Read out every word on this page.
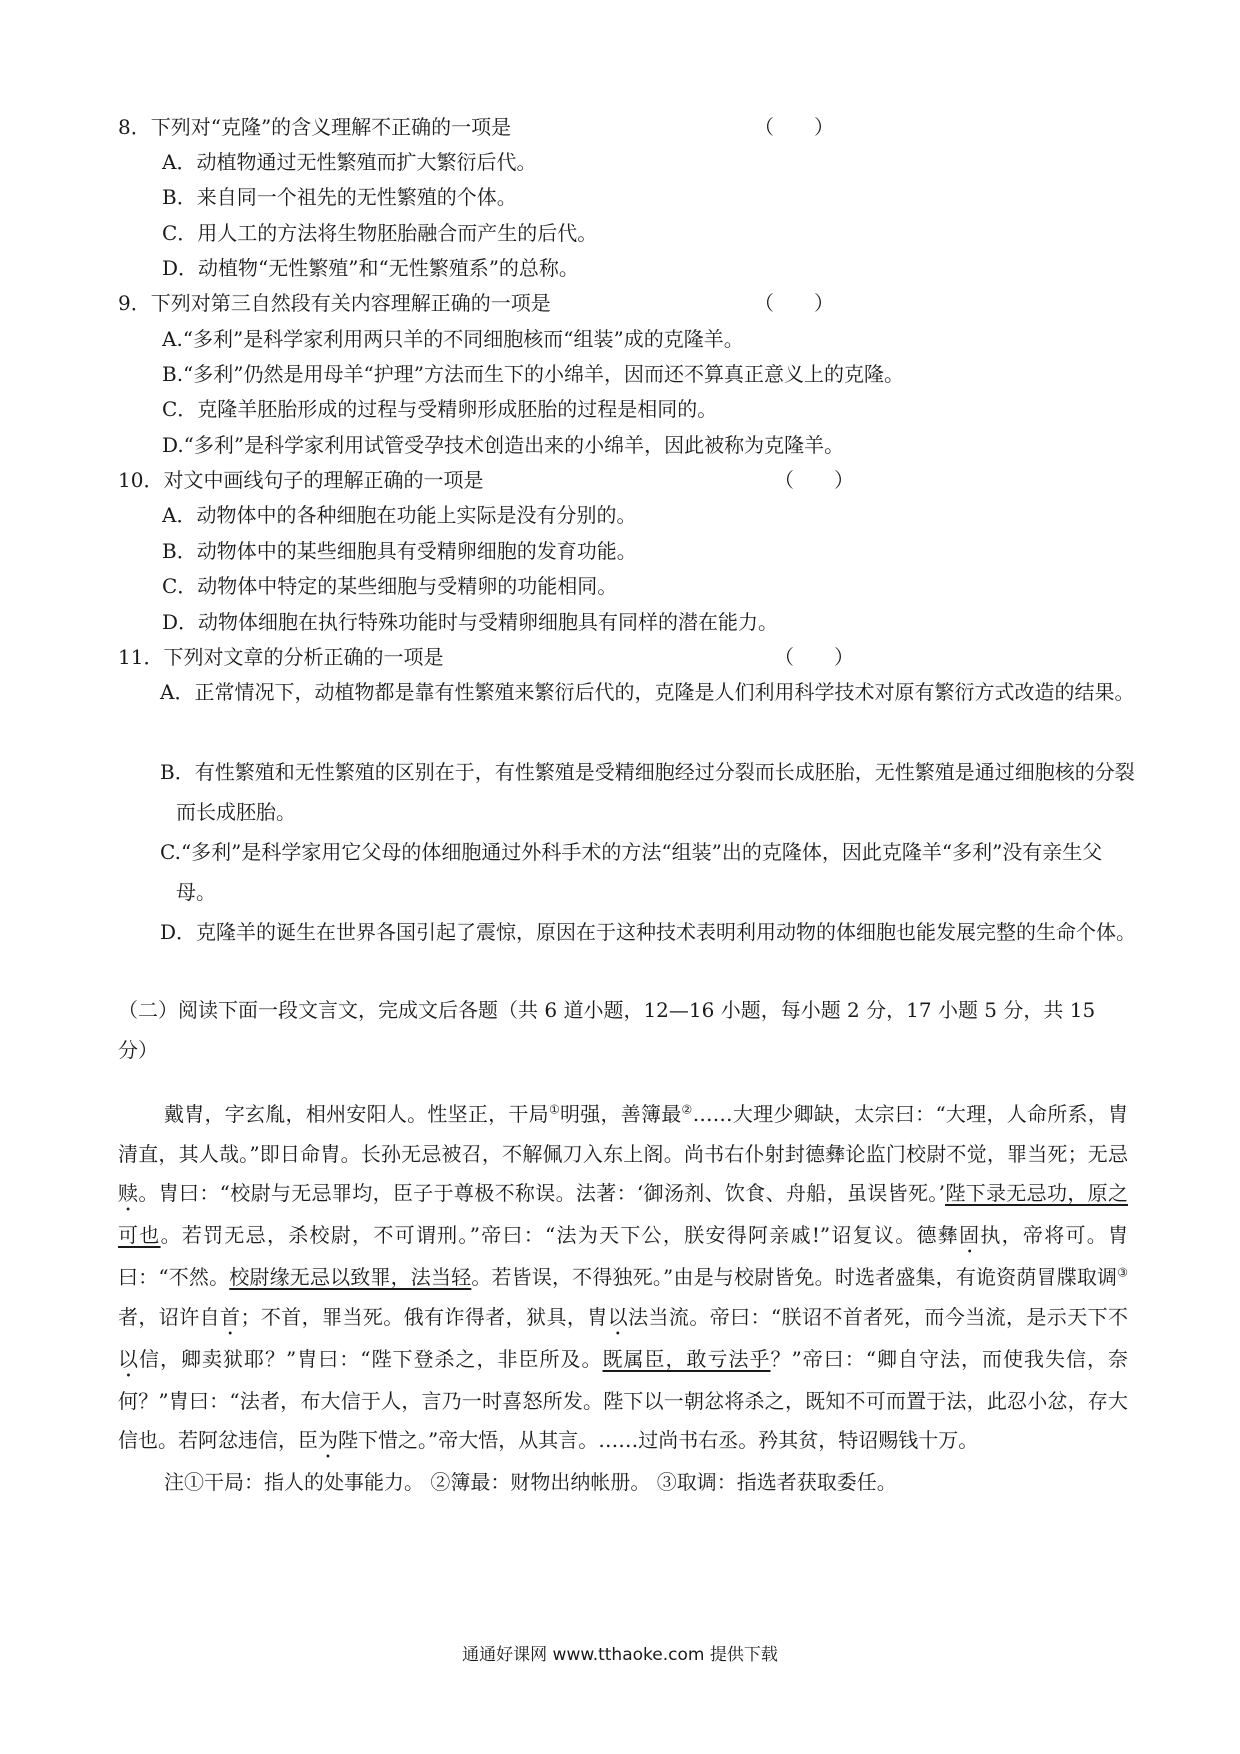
8．下列对“克隆”的含义理解不正确的一项是	（　　）
A．动植物通过无性繁殖而扩大繁衍后代。
B．来自同一个祖先的无性繁殖的个体。
C．用人工的方法将生物胚胎融合而产生的后代。
D．动植物“无性繁殖”和“无性繁殖系”的总称。
9．下列对第三自然段有关内容理解正确的一项是	（　　）
A.“多利”是科学家利用两只羊的不同细胞核而“组装”成的克隆羊。
B.“多利”仍然是用母羊“护理”方法而生下的小绵羊，因而还不算真正意义上的克隆。
C．克隆羊胚胎形成的过程与受精卵形成胚胎的过程是相同的。
D.“多利”是科学家利用试管受孕技术创造出来的小绵羊，因此被称为克隆羊。
10．对文中画线句子的理解正确的一项是	（　　）
A．动物体中的各种细胞在功能上实际是没有分别的。
B．动物体中的某些细胞具有受精卵细胞的发育功能。
C．动物体中特定的某些细胞与受精卵的功能相同。
D．动物体细胞在执行特殊功能时与受精卵细胞具有同样的潜在能力。
11．下列对文章的分析正确的一项是	（　　）
A．正常情况下，动植物都是靠有性繁殖来繁衍后代的，克隆是人们利用科学技术对原有繁衍方式改造的结果。
B．有性繁殖和无性繁殖的区别在于，有性繁殖是受精细胞经过分裂而长成胚胎，无性繁殖是通过细胞核的分裂而长成胚胎。
C.“多利”是科学家用它父母的体细胞通过外科手术的方法“组装”出的克隆体，因此克隆羊“多利”没有亲生父母。
D．克隆羊的诞生在世界各国引起了震惊，原因在于这种技术表明利用动物的体细胞也能发展完整的生命个体。
（二）阅读下面一段文言文，完成文后各题（共 6 道小题，12—16 小题，每小题 2 分，17 小题 5 分，共 15 分）

戴胄，字玄胤，相州安阳人。性坚正，干局①明强，善簿最②……大理少卿缺，太宗曰：“大理，人命所系，胄清直，其人哉。”即日命胄。长孙无忌被召，不解佩刀入东上阁。尚书右仆射封德彝论监门校尉不觉，罪当死；无忌赎。胄曰：“校尉与无忌罪均，臣子于尊极不称误。法著：‘御汤剂、饮食、舟船，虽误皆死。’陛下录无忌功，原之可也。若罚无忌，杀校尉，不可谓刑。”帝曰：“法为天下公，朕安得阿亲戚!”诏复议。德彝固执，帝将可。胄曰：“不然。校尉缘无忌以致罪，法当轻。若皆误，不得独死。”由是与校尉皆免。时选者盛集，有诡资荫冒牒取调③者，诏许自首；不首，罪当死。俄有诈得者，狱具，胄以法当流。帝曰：“朕诏不首者死，而今当流，是示天下不以信，卿卖狱耶？”胄曰：“陛下登杀之，非臣所及。既属臣，敢亏法乎？”帝曰：“卿自守法，而使我失信，奈何？”胄曰：“法者，布大信于人，言乃一时喜怒所发。陛下以一朝忿将杀之，既知不可而置于法，此忍小忿，存大信也。若阿忿违信，臣为陛下惜之。”帝大悟，从其言。……过尚书右丞。矜其贫，特诏赐钱十万。

注①干局：指人的处事能力。 ②簿最：财物出纳帐册。 ③取调：指选者获取委任。

通通好课网 www.tthaoke.com 提供下载
